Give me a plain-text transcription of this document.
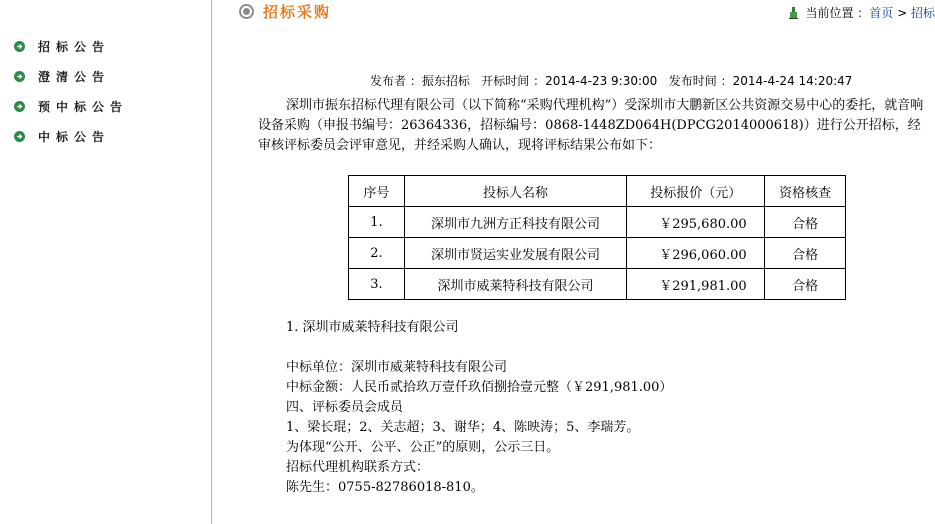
招标公告
澄清公告
预中标公告
中标公告
招标采购	当前位置 ： 首页 > 招标
发布者 ：振东招标 开标时间 ：2014-4-23 9:30:00 发布时间 ：2014-4-24 14:20:47

深圳市振东招标代理有限公司（以下简称“采购代理机构”）受深圳市大鹏新区公共资源交易中心的委托，就音响设备采购（申报书编号：26364336，招标编号：0868-1448ZD064H(DPCG2014000618)）进行公开招标，经审核评标委员会评审意见，并经采购人确认，现将评标结果公布如下：

序号	投标人名称	投标报价（元）	资格核查
1.	深圳市九洲方正科技有限公司	￥295,680.00	合格
2.	深圳市贤运实业发展有限公司	￥296,060.00	合格
3.	深圳市威莱特科技有限公司	￥291,981.00	合格
1. 深圳市威莱特科技有限公司
中标单位：深圳市威莱特科技有限公司
中标金额：人民币贰拾玖万壹仟玖佰捌拾壹元整（￥291,981.00）
四、评标委员会成员
1、梁长琨；2、关志超；3、谢华；4、陈映涛；5、李瑞芳。
为体现“公开、公平、公正”的原则，公示三日。
招标代理机构联系方式：
陈先生：0755-82786018-810。
